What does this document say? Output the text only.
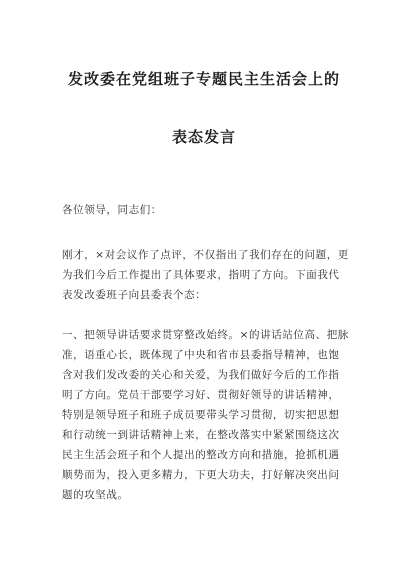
发改委在党组班子专题民主生活会上的
表态发言
各位领导，同志们：
刚才，×对会议作了点评，不仅指出了我们存在的问题，更
为我们今后工作提出了具体要求，指明了方向。下面我代
表发改委班子向县委表个态：
一、把领导讲话要求贯穿整改始终。×的讲话站位高、把脉
准，语重心长，既体现了中央和省市县委指导精神，也饱
含对我们发改委的关心和关爱，为我们做好今后的工作指
明了方向。党员干部要学习好、贯彻好领导的讲话精神，
特别是领导班子和班子成员要带头学习贯彻，切实把思想
和行动统一到讲话精神上来，在整改落实中紧紧围绕这次
民主生活会班子和个人提出的整改方向和措施，抢抓机遇
顺势而为，投入更多精力，下更大功夫，打好解决突出问
题的攻坚战。
